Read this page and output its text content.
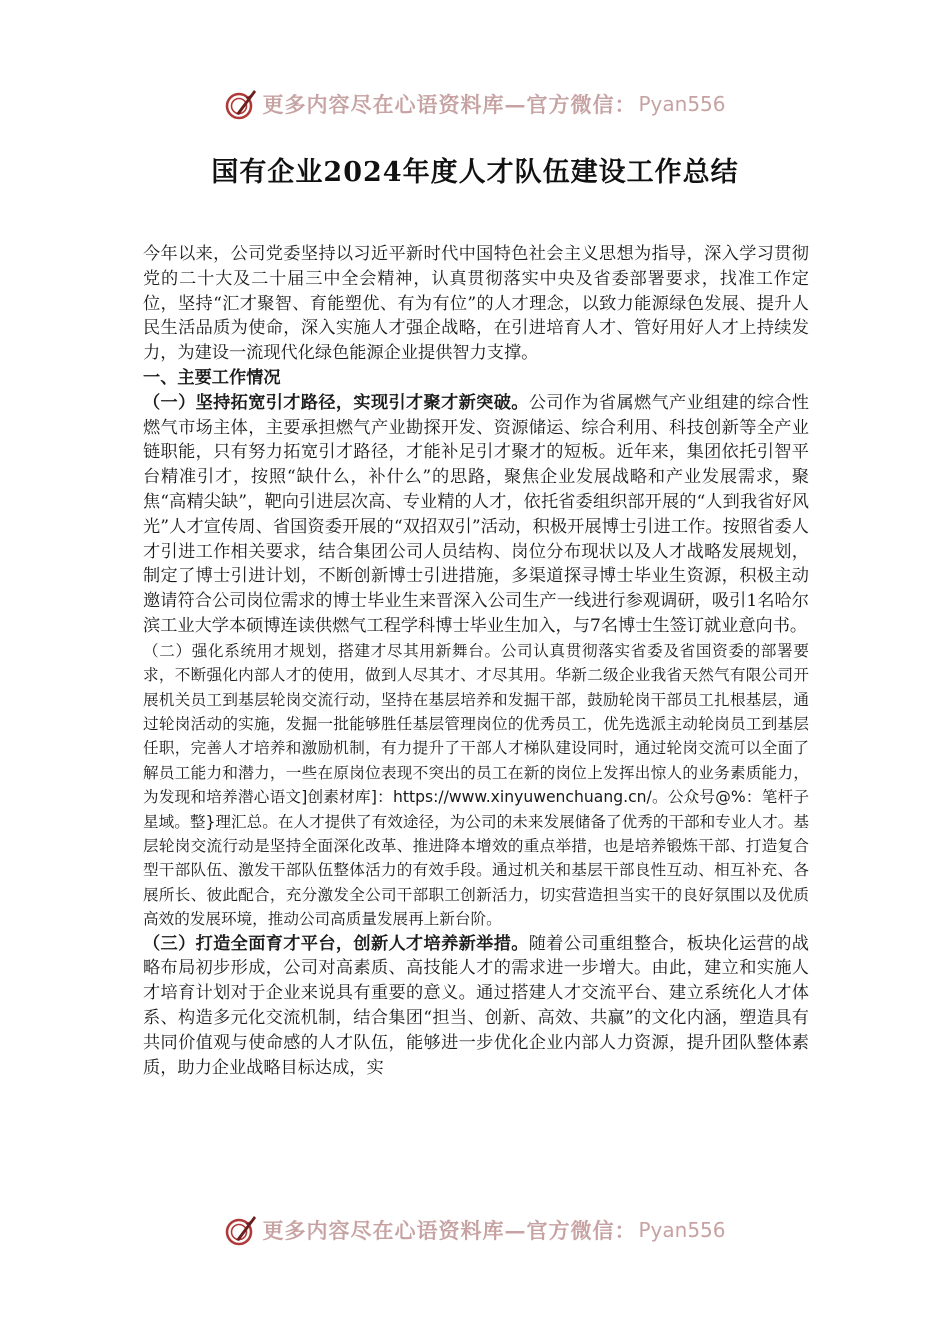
更多内容尽在心语资料库—官方微信： Pyan556
国有企业2024年度人才队伍建设工作总结

今年以来，公司党委坚持以习近平新时代中国特色社会主义思想为指导，深入学习贯彻党的二十大及二十届三中全会精神，认真贯彻落实中央及省委部署要求，找准工作定位，坚持“汇才聚智、育能塑优、有为有位”的人才理念，以致力能源绿色发展、提升人民生活品质为使命，深入实施人才强企战略，在引进培育人才、管好用好人才上持续发力，为建设一流现代化绿色能源企业提供智力支撑。

一、主要工作情况

（一）坚持拓宽引才路径，实现引才聚才新突破。公司作为省属燃气产业组建的综合性燃气市场主体，主要承担燃气产业勘探开发、资源储运、综合利用、科技创新等全产业链职能，只有努力拓宽引才路径，才能补足引才聚才的短板。近年来，集团依托引智平台精准引才，按照“缺什么，补什么”的思路，聚焦企业发展战略和产业发展需求，聚焦“高精尖缺”，靶向引进层次高、专业精的人才，依托省委组织部开展的“人到我省好风光”人才宣传周、省国资委开展的“双招双引”活动，积极开展博士引进工作。按照省委人才引进工作相关要求，结合集团公司人员结构、岗位分布现状以及人才战略发展规划，制定了博士引进计划，不断创新博士引进措施，多渠道探寻博士毕业生资源，积极主动邀请符合公司岗位需求的博士毕业生来晋深入公司生产一线进行参观调研，吸引1名哈尔滨工业大学本硕博连读供燃气工程学科博士毕业生加入，与7名博士生签订就业意向书。

（二）强化系统用才规划，搭建才尽其用新舞台。公司认真贯彻落实省委及省国资委的部署要求，不断强化内部人才的使用，做到人尽其才、才尽其用。华新二级企业我省天然气有限公司开展机关员工到基层轮岗交流行动，坚持在基层培养和发掘干部，鼓励轮岗干部员工扎根基层，通过轮岗活动的实施，发掘一批能够胜任基层管理岗位的优秀员工，优先选派主动轮岗员工到基层任职，完善人才培养和激励机制，有力提升了干部人才梯队建设同时，通过轮岗交流可以全面了解员工能力和潜力，一些在原岗位表现不突出的员工在新的岗位上发挥出惊人的业务素质能力，为发现和培养潜心语文]创素材库]：https://www.xinyuwenchuang.cn/。公众号@%：笔杆子星域。整}理汇总。在人才提供了有效途径，为公司的未来发展储备了优秀的干部和专业人才。基层轮岗交流行动是坚持全面深化改革、推进降本增效的重点举措，也是培养锻炼干部、打造复合型干部队伍、激发干部队伍整体活力的有效手段。通过机关和基层干部良性互动、相互补充、各展所长、彼此配合，充分激发全公司干部职工创新活力，切实营造担当实干的良好氛围以及优质高效的发展环境，推动公司高质量发展再上新台阶。

（三）打造全面育才平台，创新人才培养新举措。随着公司重组整合，板块化运营的战略布局初步形成，公司对高素质、高技能人才的需求进一步增大。由此，建立和实施人才培育计划对于企业来说具有重要的意义。通过搭建人才交流平台、建立系统化人才体系、构造多元化交流机制，结合集团“担当、创新、高效、共赢”的文化内涵，塑造具有共同价值观与使命感的人才队伍，能够进一步优化企业内部人力资源，提升团队整体素质，助力企业战略目标达成，实

更多内容尽在心语资料库—官方微信： Pyan556
